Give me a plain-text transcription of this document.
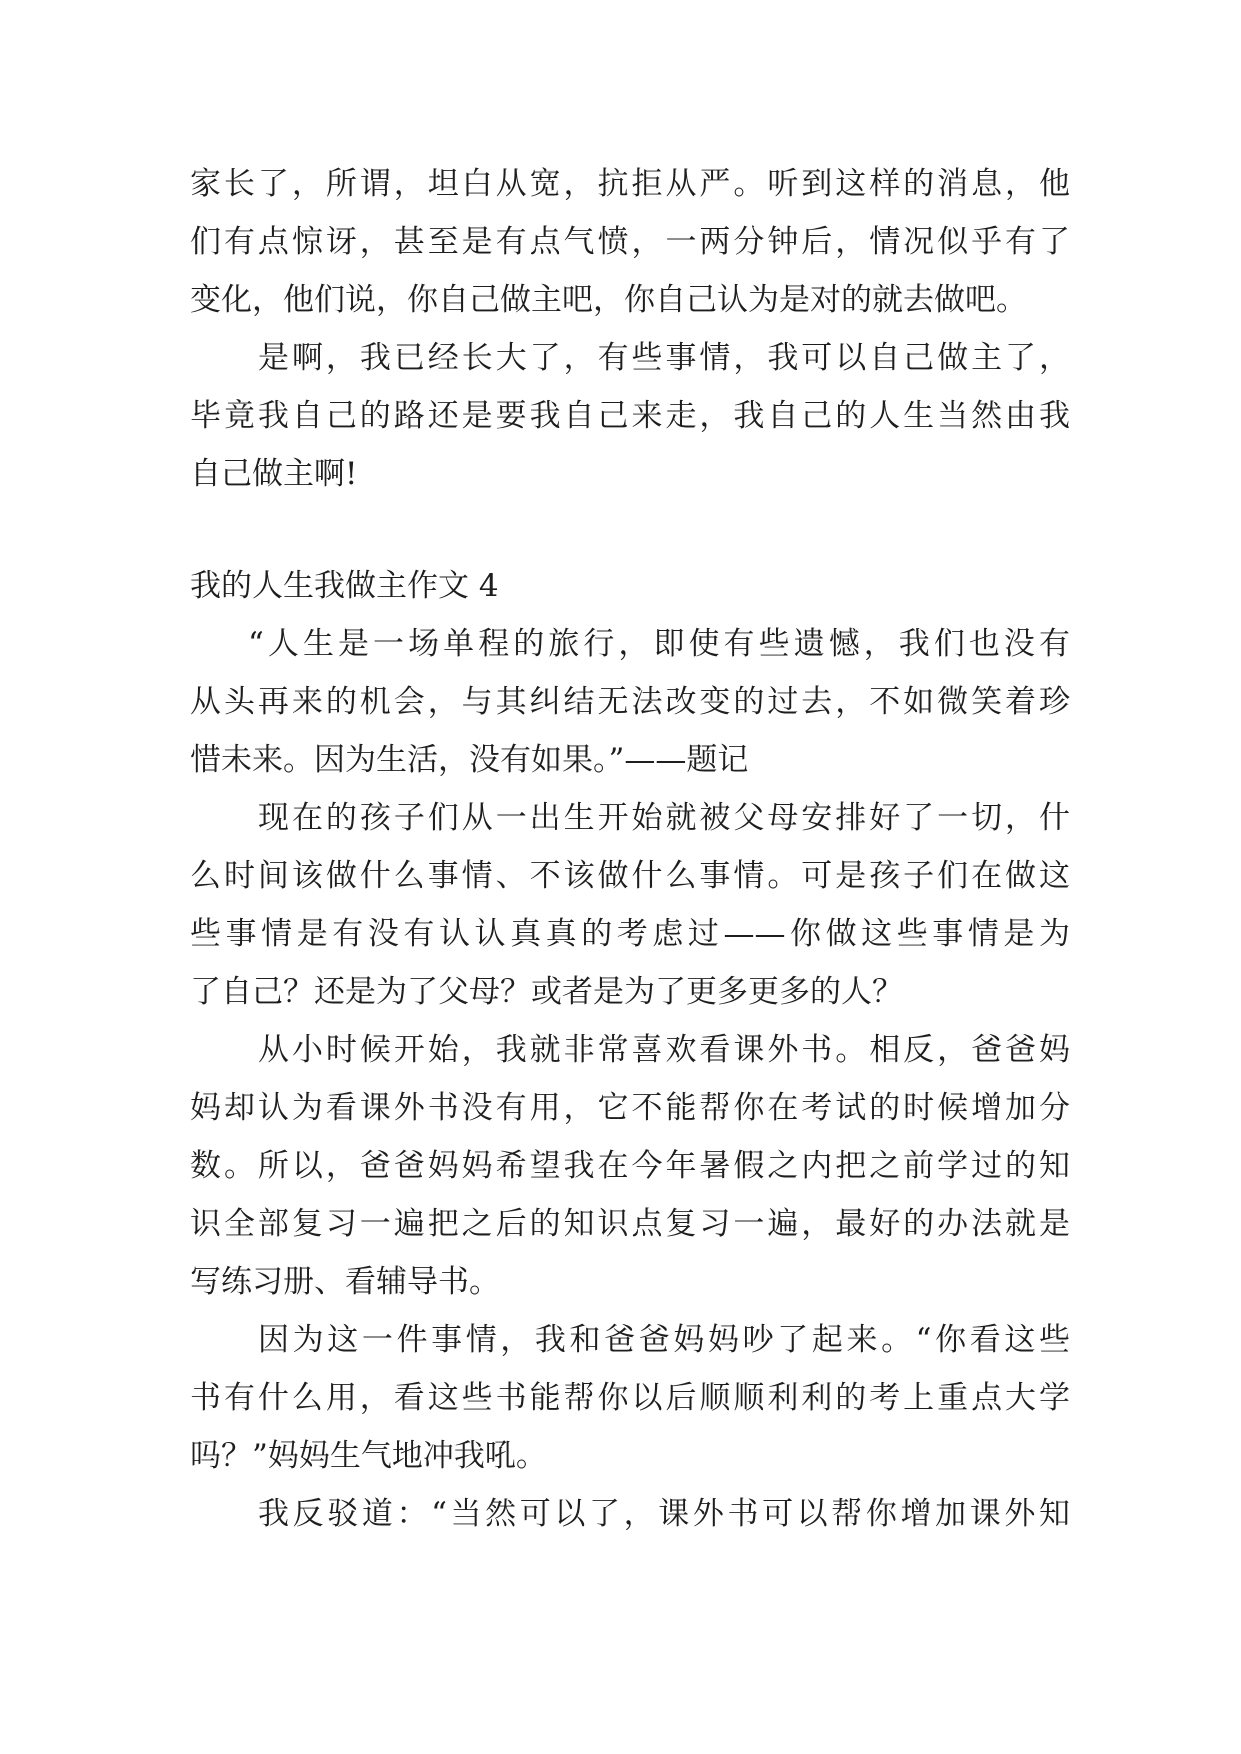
家长了，所谓，坦白从宽，抗拒从严。听到这样的消息，他
们有点惊讶，甚至是有点气愤，一两分钟后，情况似乎有了
变化，他们说，你自己做主吧，你自己认为是对的就去做吧。
是啊，我已经长大了，有些事情，我可以自己做主了，
毕竟我自己的路还是要我自己来走，我自己的人生当然由我
自己做主啊!
我的人生我做主作文 4
“人生是一场单程的旅行，即使有些遗憾，我们也没有
从头再来的机会，与其纠结无法改变的过去，不如微笑着珍
惜未来。因为生活，没有如果。”——题记
现在的孩子们从一出生开始就被父母安排好了一切，什
么时间该做什么事情、不该做什么事情。可是孩子们在做这
些事情是有没有认认真真的考虑过——你做这些事情是为
了自己？还是为了父母？或者是为了更多更多的人？
从小时候开始，我就非常喜欢看课外书。相反，爸爸妈
妈却认为看课外书没有用，它不能帮你在考试的时候增加分
数。所以，爸爸妈妈希望我在今年暑假之内把之前学过的知
识全部复习一遍把之后的知识点复习一遍，最好的办法就是
写练习册、看辅导书。
因为这一件事情，我和爸爸妈妈吵了起来。“你看这些
书有什么用，看这些书能帮你以后顺顺利利的考上重点大学
吗？”妈妈生气地冲我吼。
我反驳道：“当然可以了，课外书可以帮你增加课外知
